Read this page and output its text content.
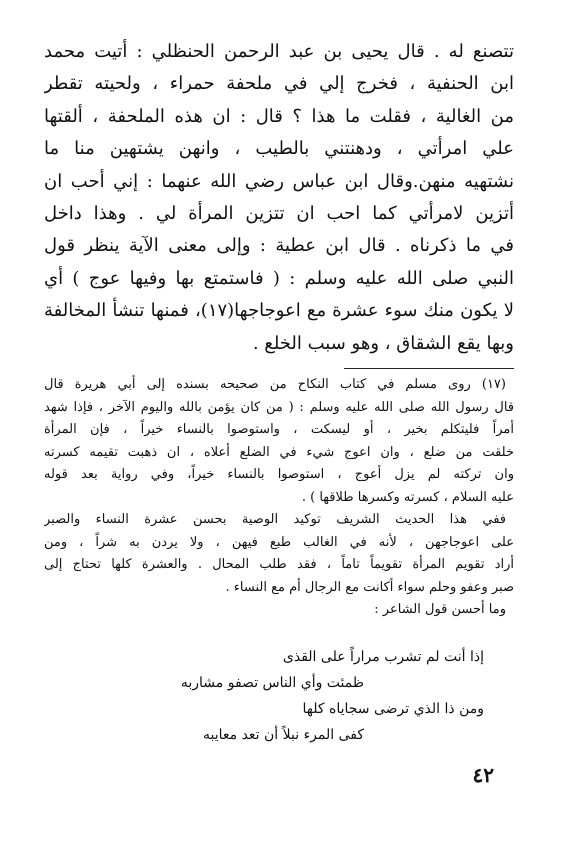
تتصنع له . قال يحيى بن عبد الرحمن الحنظلي : أتيت محمد
ابن الحنفية ، فخرج إلي في ملحفة حمراء ، ولحيته تقطر
من الغالية ، فقلت ما هذا ؟ قال : ان هذه الملحفة ، ألقتها
علي امرأتي ، ودهنتني بالطيب ، وانهن يشتهين منا ما
نشتهيه منهن.وقال ابن عباس رضي الله عنهما : إني أحب ان
أتزين لامرأتي كما احب ان تتزين المرأة لي . وهذا داخل
في ما ذكرناه . قال ابن عطية : وإلى معنى الآية ينظر قول
النبي صلى الله عليه وسلم : ( فاستمتع بها وفيها عوج ) أي
لا يكون منك سوء عشرة مع اعوجاجها(١٧)، فمنها تنشأ المخالفة
وبها يقع الشقاق ، وهو سبب الخلع .
(١٧) روى مسلم في كتاب النكاح من صحيحه بسنده إلى أبي هريرة قال
قال رسول الله صلى الله عليه وسلم : ( من كان يؤمن بالله واليوم الآخر ، فإذا شهد
أمراً فليتكلم بخير ، أو ليسكت ، واستوصوا بالنساء خيراً ، فإن المرأة
خلقت من ضلع ، وان اعوج شيء في الضلع أعلاه ، ان ذهبت تقيمه كسرته
وان تركته لم يزل أعوج ، استوصوا بالنساء خيراً، وفي رواية بعد قوله
عليه السلام ، كسرته وكسرها طلاقها ) .
ففي هذا الحديث الشريف توكيد الوصية بحسن عشرة النساء والصبر
على اعوجاجهن ، لأنه في الغالب طبع فيهن ، ولا يردن به شراً ، ومن
أراد تقويم المرأة تقويماً تاماً ، فقد طلب المحال . والعشرة كلها تحتاج إلى
صبر وعفو وحلم سواء أكانت مع الرجال أم مع النساء .
وما أحسن قول الشاعر :
إذا أنت لم تشرب مراراً على القذى
ظمئت وأي الناس تصفو مشاربه
ومن ذا الذي ترضى سجاياه كلها
كفى المرء نبلاً أن تعد معايبه
٤٢
